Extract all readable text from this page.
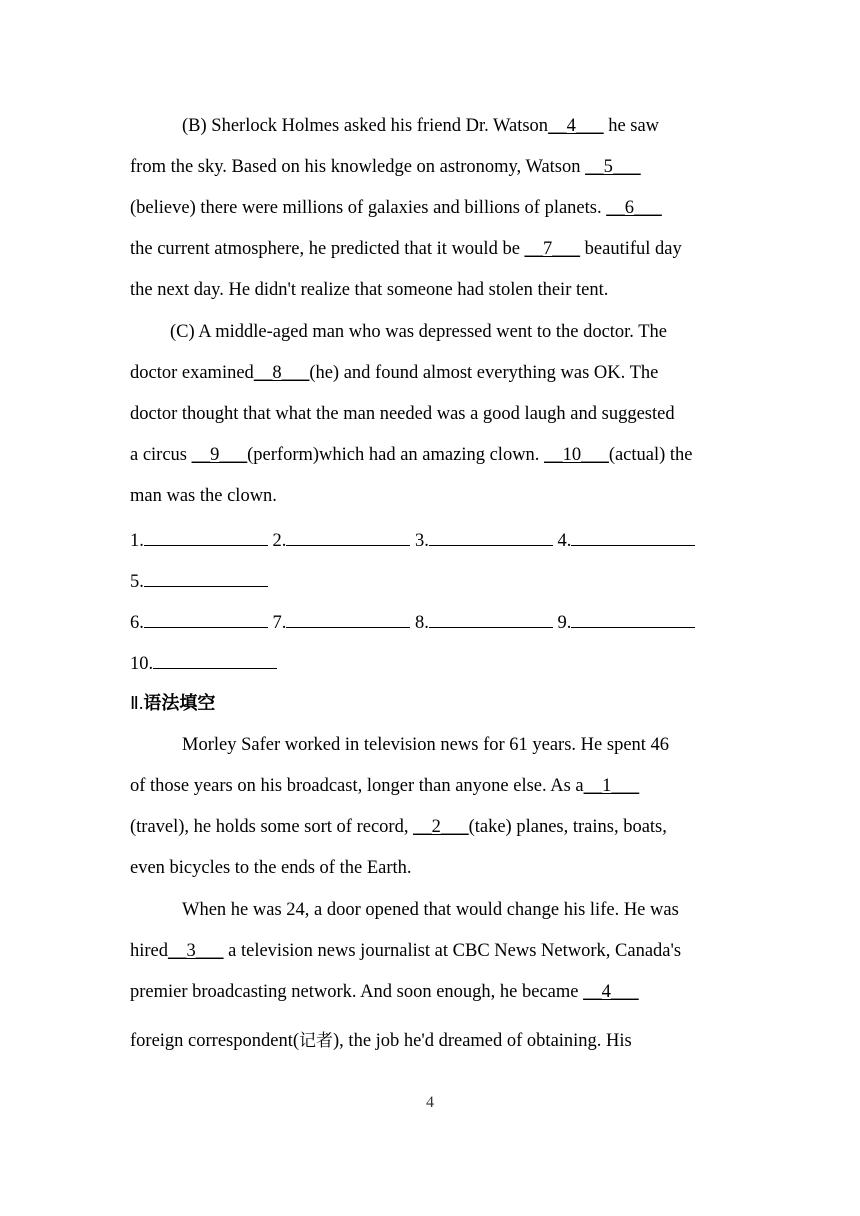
(B) Sherlock Holmes asked his friend Dr. Watson__4___ he saw
from the sky. Based on his knowledge on astronomy, Watson __5___
(believe) there were millions of galaxies and billions of planets. __6___
the current atmosphere, he predicted that it would be __7___ beautiful day
the next day. He didn't realize that someone had stolen their tent.
(C) A middle-aged man who was depressed went to the doctor. The
doctor examined__8___(he) and found almost everything was OK. The
doctor thought that what the man needed was a good laugh and suggested
a circus __9___(perform)which had an amazing clown. __10___(actual) the
man was the clown.
1.	2.	3.	4.
5.
6.	7.	8.	9.
10.
Ⅱ.语法填空
Morley Safer worked in television news for 61 years. He spent 46
of those years on his broadcast, longer than anyone else. As a__1___
(travel), he holds some sort of record, __2___(take) planes, trains, boats,
even bicycles to the ends of the Earth.
When he was 24, a door opened that would change his life. He was
hired__3___ a television news journalist at CBC News Network, Canada's
premier broadcasting network. And soon enough, he became __4___
foreign correspondent(记者), the job he'd dreamed of obtaining. His
4
